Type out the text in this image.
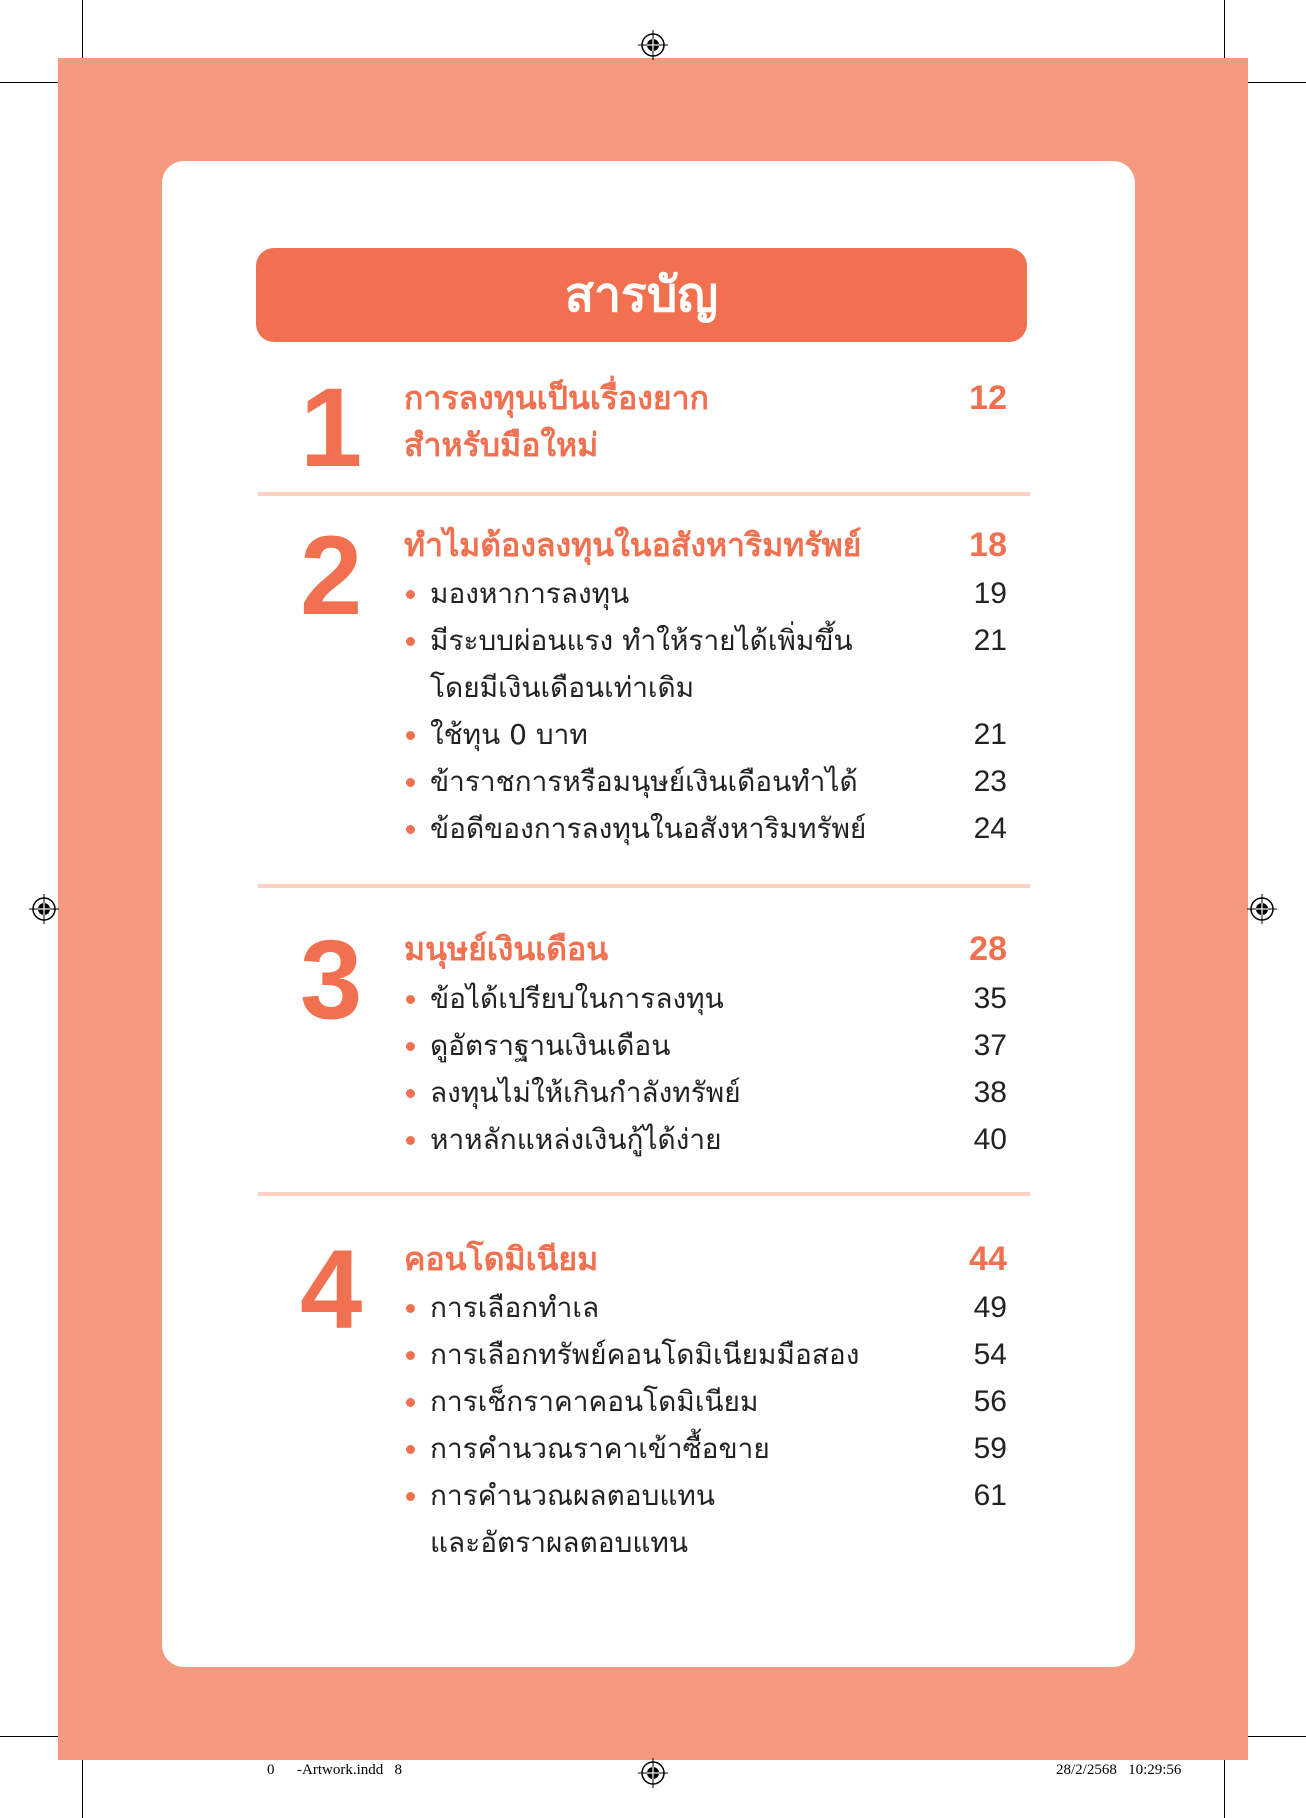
สารบัญ
1 การลงทุนเป็นเรื่องยาก	12
สำหรับมือใหม่
2 ทำไมต้องลงทุนในอสังหาริมทรัพย์	18
มองหาการลงทุน	19
มีระบบผ่อนแรง ทำให้รายได้เพิ่มขึ้น	21
โดยมีเงินเดือนเท่าเดิม
ใช้ทุน 0 บาท	21
ข้าราชการหรือมนุษย์เงินเดือนทำได้	23
ข้อดีของการลงทุนในอสังหาริมทรัพย์	24
3 มนุษย์เงินเดือน	28
ข้อได้เปรียบในการลงทุน	35
ดูอัตราฐานเงินเดือน	37
ลงทุนไม่ให้เกินกำลังทรัพย์	38
หาหลักแหล่งเงินกู้ได้ง่าย	40
4 คอนโดมิเนียม	44
การเลือกทำเล	49
การเลือกทรัพย์คอนโดมิเนียมมือสอง	54
การเช็กราคาคอนโดมิเนียม	56
การคำนวณราคาเข้าซื้อขาย	59
การคำนวณผลตอบแทน	61
และอัตราผลตอบแทน
0      -Artwork.indd   8	28/2/2568   10:29:56
